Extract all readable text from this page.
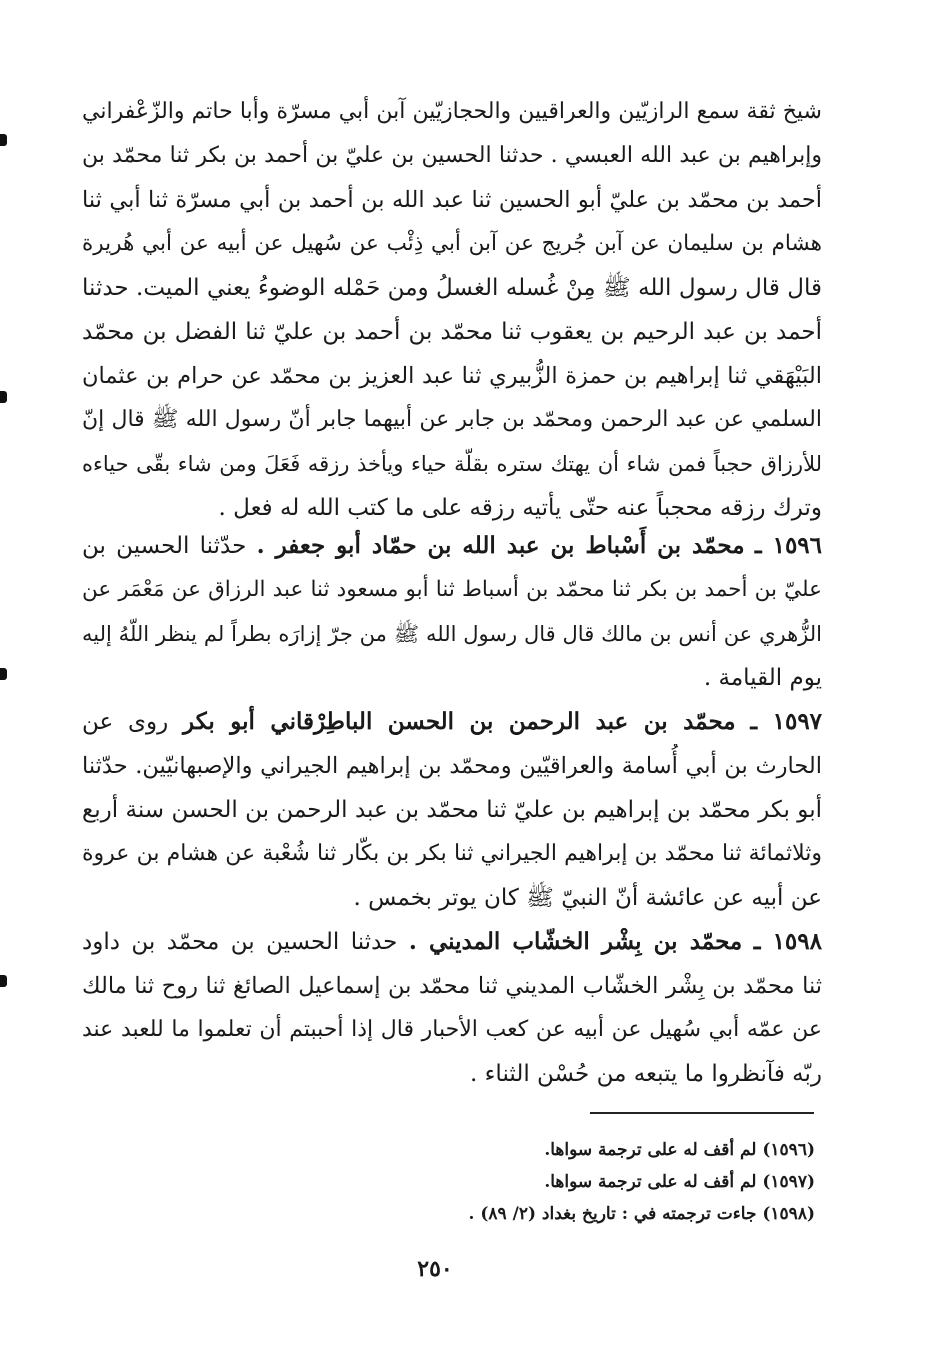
شيخ ثقة سمع الرازيّين والعراقيين والحجازيّين آبن أبي مسرّة وأبا حاتم والزّعْفراني
وإبراهيم بن عبد الله العبسي . حدثنا الحسين بن عليّ بن أحمد بن بكر ثنا محمّد بن
أحمد بن محمّد بن عليّ أبو الحسين ثنا عبد الله بن أحمد بن أبي مسرّة ثنا أبي ثنا
هشام بن سليمان عن آبن جُريج عن آبن أبي ذِئْب عن سُهيل عن أبيه عن أبي هُريرة
قال قال رسول الله ﷺ مِنْ غُسله الغسلُ ومن حَمْله الوضوءُ يعني الميت. حدثنا
أحمد بن عبد الرحيم بن يعقوب ثنا محمّد بن أحمد بن عليّ ثنا الفضل بن محمّد
البَيْهَقي ثنا إبراهيم بن حمزة الزُّبيري ثنا عبد العزيز بن محمّد عن حرام بن عثمان
السلمي عن عبد الرحمن ومحمّد بن جابر عن أبيهما جابر أنّ رسول الله ﷺ قال إنّ
للأرزاق حجباً فمن شاء أن يهتك ستره بقلّة حياء ويأخذ رزقه فَعَلَ ومن شاء بقّى حياءه
وترك رزقه محجباً عنه حتّى يأتيه رزقه على ما كتب الله له فعل .
١٥٩٦ ـ محمّد بن أَسْباط بن عبد الله بن حمّاد أبو جعفر . حدّثنا الحسين بن
عليّ بن أحمد بن بكر ثنا محمّد بن أسباط ثنا أبو مسعود ثنا عبد الرزاق عن مَعْمَر عن
الزُّهري عن أنس بن مالك قال قال رسول الله ﷺ من جرّ إزارَه بطراً لم ينظر اللّهُ إليه
يوم القيامة .
١٥٩٧ ـ محمّد بن عبد الرحمن بن الحسن الباطِرْقاني أبو بكر روى عن
الحارث بن أبي أُسامة والعراقيّين ومحمّد بن إبراهيم الجيراني والإصبهانيّين. حدّثنا
أبو بكر محمّد بن إبراهيم بن عليّ ثنا محمّد بن عبد الرحمن بن الحسن سنة أربع
وثلاثمائة ثنا محمّد بن إبراهيم الجيراني ثنا بكر بن بكّار ثنا شُعْبة عن هشام بن عروة
عن أبيه عن عائشة أنّ النبيّ ﷺ كان يوتر بخمس .
١٥٩٨ ـ محمّد بن بِشْر الخشّاب المديني . حدثنا الحسين بن محمّد بن داود
ثنا محمّد بن بِشْر الخشّاب المديني ثنا محمّد بن إسماعيل الصائغ ثنا روح ثنا مالك
عن عمّه أبي سُهيل عن أبيه عن كعب الأحبار قال إذا أحببتم أن تعلموا ما للعبد عند
ربّه فآنظروا ما يتبعه من حُسْن الثناء .
(١٥٩٦) لم أقف له على ترجمة سواها.
(١٥٩٧) لم أقف له على ترجمة سواها.
(١٥٩٨) جاءت ترجمته في : تاريخ بغداد (٢/ ٨٩) .
٢٥٠
